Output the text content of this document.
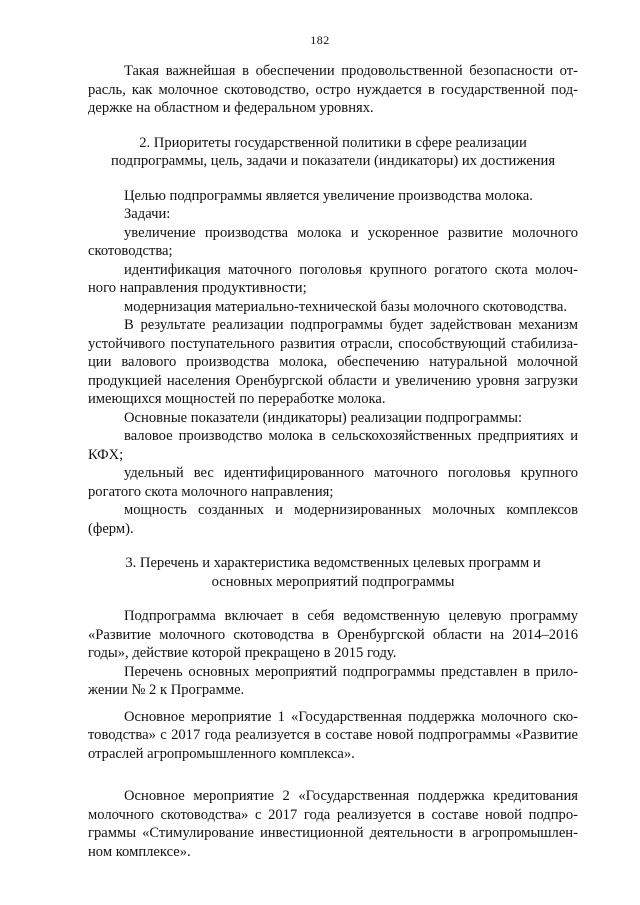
182

Такая важнейшая в обеспечении продовольственной безопасности отрасль, как молочное скотоводство, остро нуждается в государственной поддержке на областном и федеральном уровнях.

2. Приоритеты государственной политики в сфере реализации

подпрограммы, цель, задачи и показатели (индикаторы) их достижения

Целью подпрограммы является увеличение производства молока.

Задачи:

увеличение производства молока и ускоренное развитие молочного скотоводства;

идентификация маточного поголовья крупного рогатого скота молочного направления продуктивности;

модернизация материально-технической базы молочного скотоводства.

В результате реализации подпрограммы будет задействован механизм устойчивого поступательного развития отрасли, способствующий стабилизации валового производства молока, обеспечению натуральной молочной продукцией населения Оренбургской области и увеличению уровня загрузки имеющихся мощностей по переработке молока.

Основные показатели (индикаторы) реализации подпрограммы:

валовое производство молока в сельскохозяйственных предприятиях и КФХ;

удельный вес идентифицированного маточного поголовья крупного рогатого скота молочного направления;

мощность созданных и модернизированных молочных комплексов (ферм).

3. Перечень и характеристика ведомственных целевых программ и

основных мероприятий подпрограммы

Подпрограмма включает в себя ведомственную целевую программу «Развитие молочного скотоводства в Оренбургской области на 2014–2016 годы», действие которой прекращено в 2015 году.

Перечень основных мероприятий подпрограммы представлен в приложении № 2 к Программе.

Основное мероприятие 1 «Государственная поддержка молочного скотоводства» с 2017 года реализуется в составе новой подпрограммы «Развитие отраслей агропромышленного комплекса».

Основное мероприятие 2 «Государственная поддержка кредитования молочного скотоводства» с 2017 года реализуется в составе новой подпрограммы «Стимулирование инвестиционной деятельности в агропромышленном комплексе».
